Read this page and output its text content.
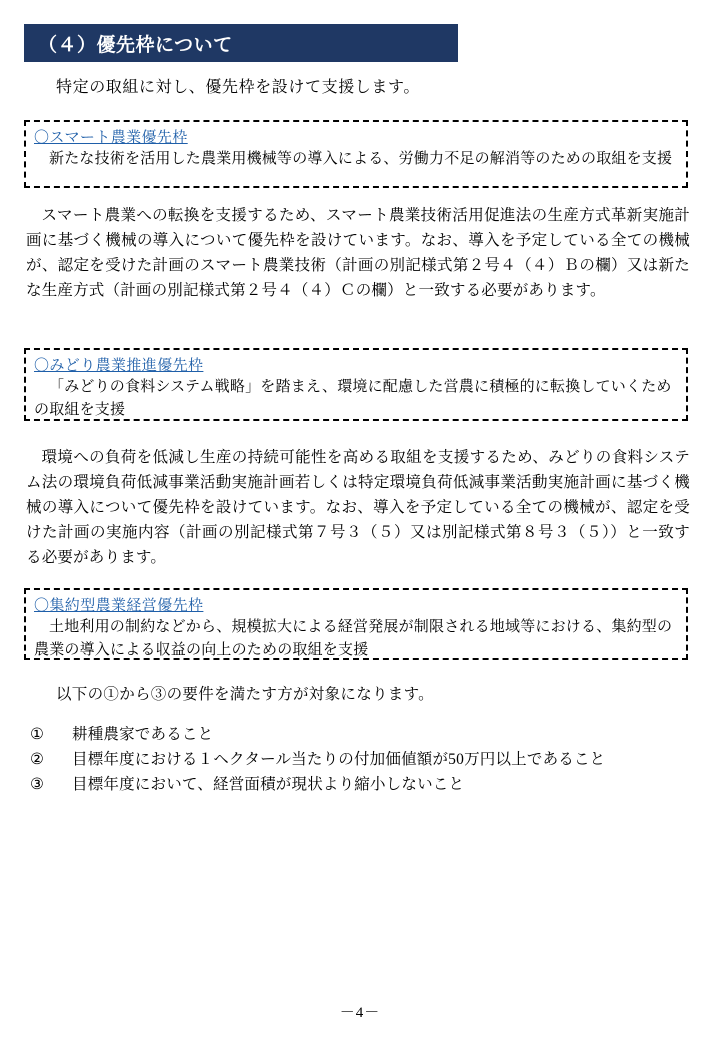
（４）優先枠について
特定の取組に対し、優先枠を設けて支援します。
〇スマート農業優先枠
新たな技術を活用した農業用機械等の導入による、労働力不足の解消等のための取組を支援

スマート農業への転換を支援するため、スマート農業技術活用促進法の生産方式革新実施計画に基づく機械の導入について優先枠を設けています。なお、導入を予定している全ての機械が、認定を受けた計画のスマート農業技術（計画の別記様式第２号４（４）Ｂの欄）又は新たな生産方式（計画の別記様式第２号４（４）Ｃの欄）と一致する必要があります。

〇みどり農業推進優先枠
「みどりの食料システム戦略」を踏まえ、環境に配慮した営農に積極的に転換していくための取組を支援

環境への負荷を低減し生産の持続可能性を高める取組を支援するため、みどりの食料システム法の環境負荷低減事業活動実施計画若しくは特定環境負荷低減事業活動実施計画に基づく機械の導入について優先枠を設けています。なお、導入を予定している全ての機械が、認定を受けた計画の実施内容（計画の別記様式第７号３（５）又は別記様式第８号３（５））と一致する必要があります。

〇集約型農業経営優先枠
土地利用の制約などから、規模拡大による経営発展が制限される地域等における、集約型の農業の導入による収益の向上のための取組を支援
以下の①から③の要件を満たす方が対象になります。
①	耕種農家であること
②	目標年度における１ヘクタール当たりの付加価値額が50万円以上であること
③	目標年度において、経営面積が現状より縮小しないこと
－4－
